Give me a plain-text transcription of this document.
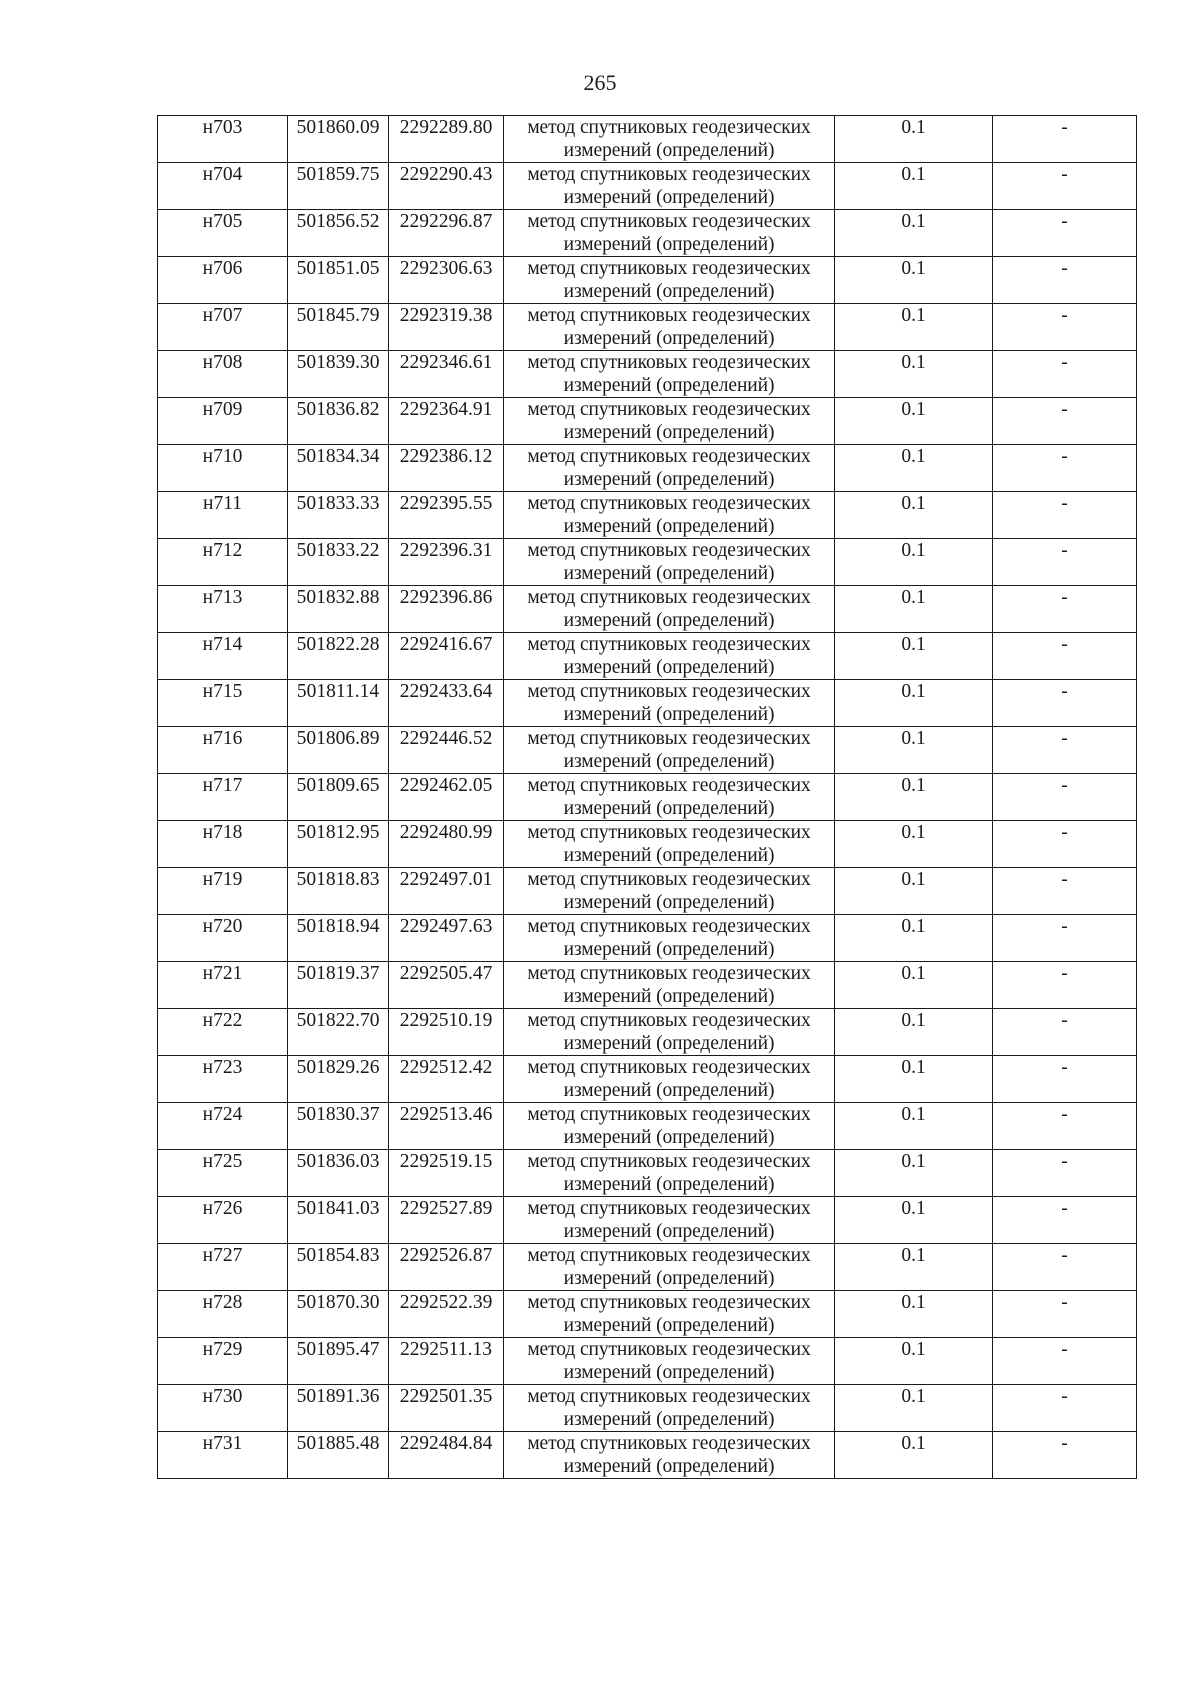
265
н703	501860.09	2292289.80	метод спутниковых геодезических
измерений (определений)	0.1	-
н704	501859.75	2292290.43	метод спутниковых геодезических
измерений (определений)	0.1	-
н705	501856.52	2292296.87	метод спутниковых геодезических
измерений (определений)	0.1	-
н706	501851.05	2292306.63	метод спутниковых геодезических
измерений (определений)	0.1	-
н707	501845.79	2292319.38	метод спутниковых геодезических
измерений (определений)	0.1	-
н708	501839.30	2292346.61	метод спутниковых геодезических
измерений (определений)	0.1	-
н709	501836.82	2292364.91	метод спутниковых геодезических
измерений (определений)	0.1	-
н710	501834.34	2292386.12	метод спутниковых геодезических
измерений (определений)	0.1	-
н711	501833.33	2292395.55	метод спутниковых геодезических
измерений (определений)	0.1	-
н712	501833.22	2292396.31	метод спутниковых геодезических
измерений (определений)	0.1	-
н713	501832.88	2292396.86	метод спутниковых геодезических
измерений (определений)	0.1	-
н714	501822.28	2292416.67	метод спутниковых геодезических
измерений (определений)	0.1	-
н715	501811.14	2292433.64	метод спутниковых геодезических
измерений (определений)	0.1	-
н716	501806.89	2292446.52	метод спутниковых геодезических
измерений (определений)	0.1	-
н717	501809.65	2292462.05	метод спутниковых геодезических
измерений (определений)	0.1	-
н718	501812.95	2292480.99	метод спутниковых геодезических
измерений (определений)	0.1	-
н719	501818.83	2292497.01	метод спутниковых геодезических
измерений (определений)	0.1	-
н720	501818.94	2292497.63	метод спутниковых геодезических
измерений (определений)	0.1	-
н721	501819.37	2292505.47	метод спутниковых геодезических
измерений (определений)	0.1	-
н722	501822.70	2292510.19	метод спутниковых геодезических
измерений (определений)	0.1	-
н723	501829.26	2292512.42	метод спутниковых геодезических
измерений (определений)	0.1	-
н724	501830.37	2292513.46	метод спутниковых геодезических
измерений (определений)	0.1	-
н725	501836.03	2292519.15	метод спутниковых геодезических
измерений (определений)	0.1	-
н726	501841.03	2292527.89	метод спутниковых геодезических
измерений (определений)	0.1	-
н727	501854.83	2292526.87	метод спутниковых геодезических
измерений (определений)	0.1	-
н728	501870.30	2292522.39	метод спутниковых геодезических
измерений (определений)	0.1	-
н729	501895.47	2292511.13	метод спутниковых геодезических
измерений (определений)	0.1	-
н730	501891.36	2292501.35	метод спутниковых геодезических
измерений (определений)	0.1	-
н731	501885.48	2292484.84	метод спутниковых геодезических
измерений (определений)	0.1	-
